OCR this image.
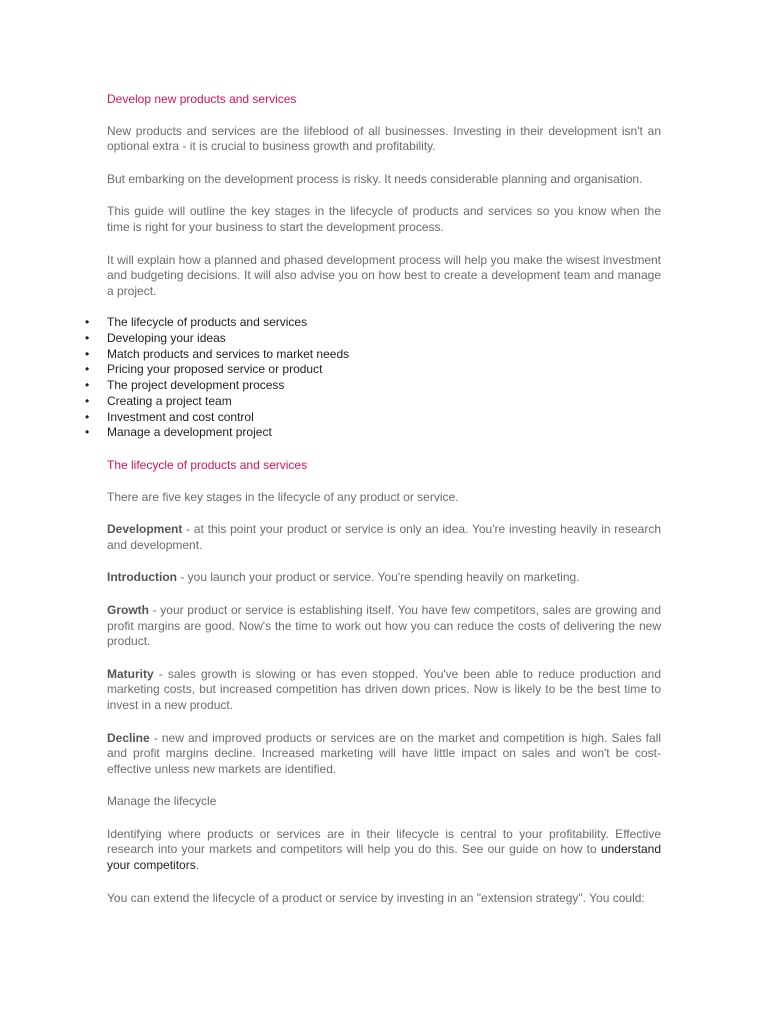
Develop new products and services

New products and services are the lifeblood of all businesses. Investing in their development isn't an optional extra - it is crucial to business growth and profitability.

But embarking on the development process is risky. It needs considerable planning and organisation.

This guide will outline the key stages in the lifecycle of products and services so you know when the time is right for your business to start the development process.

It will explain how a planned and phased development process will help you make the wisest investment and budgeting decisions. It will also advise you on how best to create a development team and manage a project.

• The lifecycle of products and services
• Developing your ideas
• Match products and services to market needs
• Pricing your proposed service or product
• The project development process
• Creating a project team
• Investment and cost control
• Manage a development project
The lifecycle of products and services

There are five key stages in the lifecycle of any product or service.

Development - at this point your product or service is only an idea. You're investing heavily in research and development.

Introduction - you launch your product or service. You're spending heavily on marketing.

Growth - your product or service is establishing itself. You have few competitors, sales are growing and profit margins are good. Now's the time to work out how you can reduce the costs of delivering the new product.

Maturity - sales growth is slowing or has even stopped. You've been able to reduce production and marketing costs, but increased competition has driven down prices. Now is likely to be the best time to invest in a new product.

Decline - new and improved products or services are on the market and competition is high. Sales fall and profit margins decline. Increased marketing will have little impact on sales and won't be cost-effective unless new markets are identified.

Manage the lifecycle

Identifying where products or services are in their lifecycle is central to your profitability. Effective research into your markets and competitors will help you do this. See our guide on how to understand your competitors.

You can extend the lifecycle of a product or service by investing in an "extension strategy". You could:
